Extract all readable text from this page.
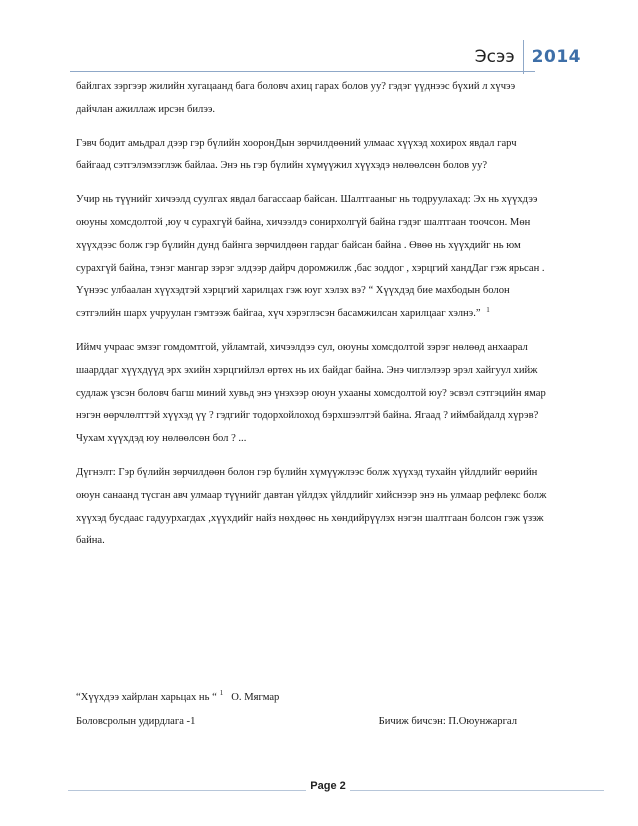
Эсээ 2014

байлгах зэргээр жилийн хугацаанд бага боловч ахиц гарах болов уу? гэдэг үүднээс бүхий л хүчээ
дайчлан ажиллаж ирсэн билээ.

Гэвч бодит амьдрал дээр гэр бүлийн хооронДын зөрчилдөөний улмаас хүүхэд хохирох явдал гарч
байгаад сэтгэлэмзэглэж байлаа. Энэ нь гэр бүлийн хүмүүжил хүүхэдэ нөлөөлсөн болов уу?

Учир нь түүнийг хичээлд суулгах явдал багассаар байсан. Шалтгааныг нь тодруулахад: Эх нь хүүхдээ
оюуны хомсдолтой ,юу ч сурахгүй байна, хичээлдэ сонирхолгүй байна гэдэг шалтгаан тоочсон. Мөн
хүүхдээс болж гэр бүлийн дунд байнга зөрчилдөөн гардаг байсан байна . Өвөө нь хүүхдийг нь юм
сурахгүй байна, тэнэг мангар зэрэг элдээр дайрч доромжилж ,бас зоддог , хэрцгий хандДаг гэж ярьсан .
Үүнээс улбаалан хүүхэдтэй хэрцгий харилцах гэж юуг хэлэх вэ? “ Хүүхдэд бие махбодын болон
сэтгэлийн шарх учруулан гэмтээж байгаа, хүч хэрэглэсэн басамжилсан харилцааг хэлнэ.” $^1$

Иймч учраас эмзэг гомдомтгой, уйламтай, хичээлдээ сул, оюуны хомсдолтой зэрэг нөлөөд анхаарал
шаарддаг хүүхдүүд эрх эхийн хэрцгийлэл өртөх нь их байдаг байна. Энэ чиглэлээр эрэл хайгуул хийж
судлаж үзсэн боловч багш миний хувьд энэ үнэхээр оюун ухааны хомсдолтой юу? эсвэл сэтгэцийн ямар
нэгэн өөрчлөлттэй хүүхэд үү ? гэдгийг тодорхойлоход бэрхшээлтэй байна. Ягаад ? иймбайдалд хүрэв?
Чухам хүүхдэд юу нөлөөлсөн бол ? ...

Дүгнэлт: Гэр бүлийн зөрчилдөөн болон гэр бүлийн хүмүүжлээс болж хүүхэд тухайн үйлдлийг өөрийн
оюун санаанд түсган авч улмаар түүнийг давтан үйлдэх үйлдлийг хийснээр энэ нь улмаар рефлекс болж
хүүхэд бусдаас гадуурхагдах ,хүүхдийг найз нөхдөөс нь хөндийрүүлэх нэгэн шалтгаан болсон гэж үзэж
байна.

“Хүүхдээ хайрлан харьцах нь “ $^1$ О. Мягмар
Боловсролын удирдлага -1	Бичиж бичсэн: П.Оюунжаргал
Page 2
